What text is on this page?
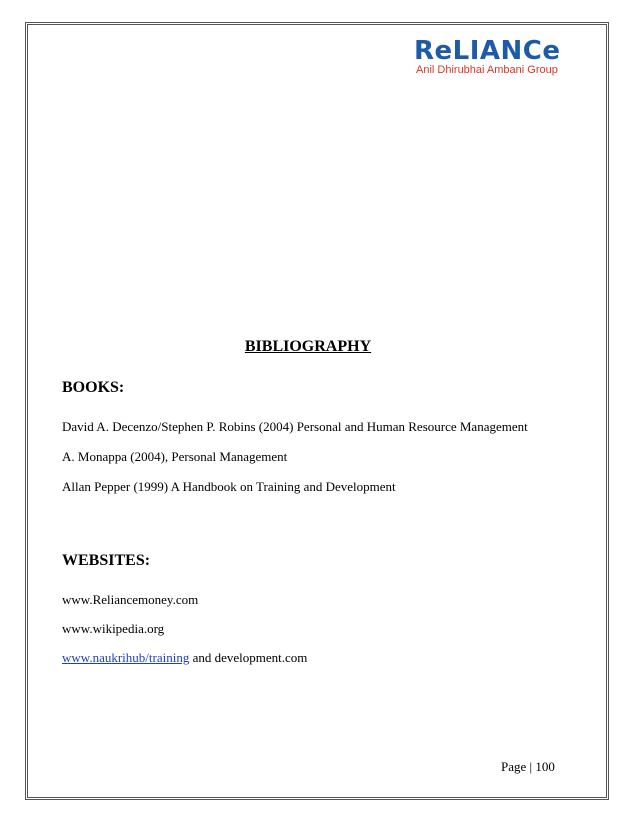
ReLIANCe
Anil Dhirubhai Ambani Group
BIBLIOGRAPHY
BOOKS:
David A. Decenzo/Stephen P. Robins (2004) Personal and Human Resource Management
A. Monappa (2004), Personal Management
Allan Pepper (1999) A Handbook on Training and Development
WEBSITES:
www.Reliancemoney.com
www.wikipedia.org
www.naukrihub/training and development.com
Page | 100
